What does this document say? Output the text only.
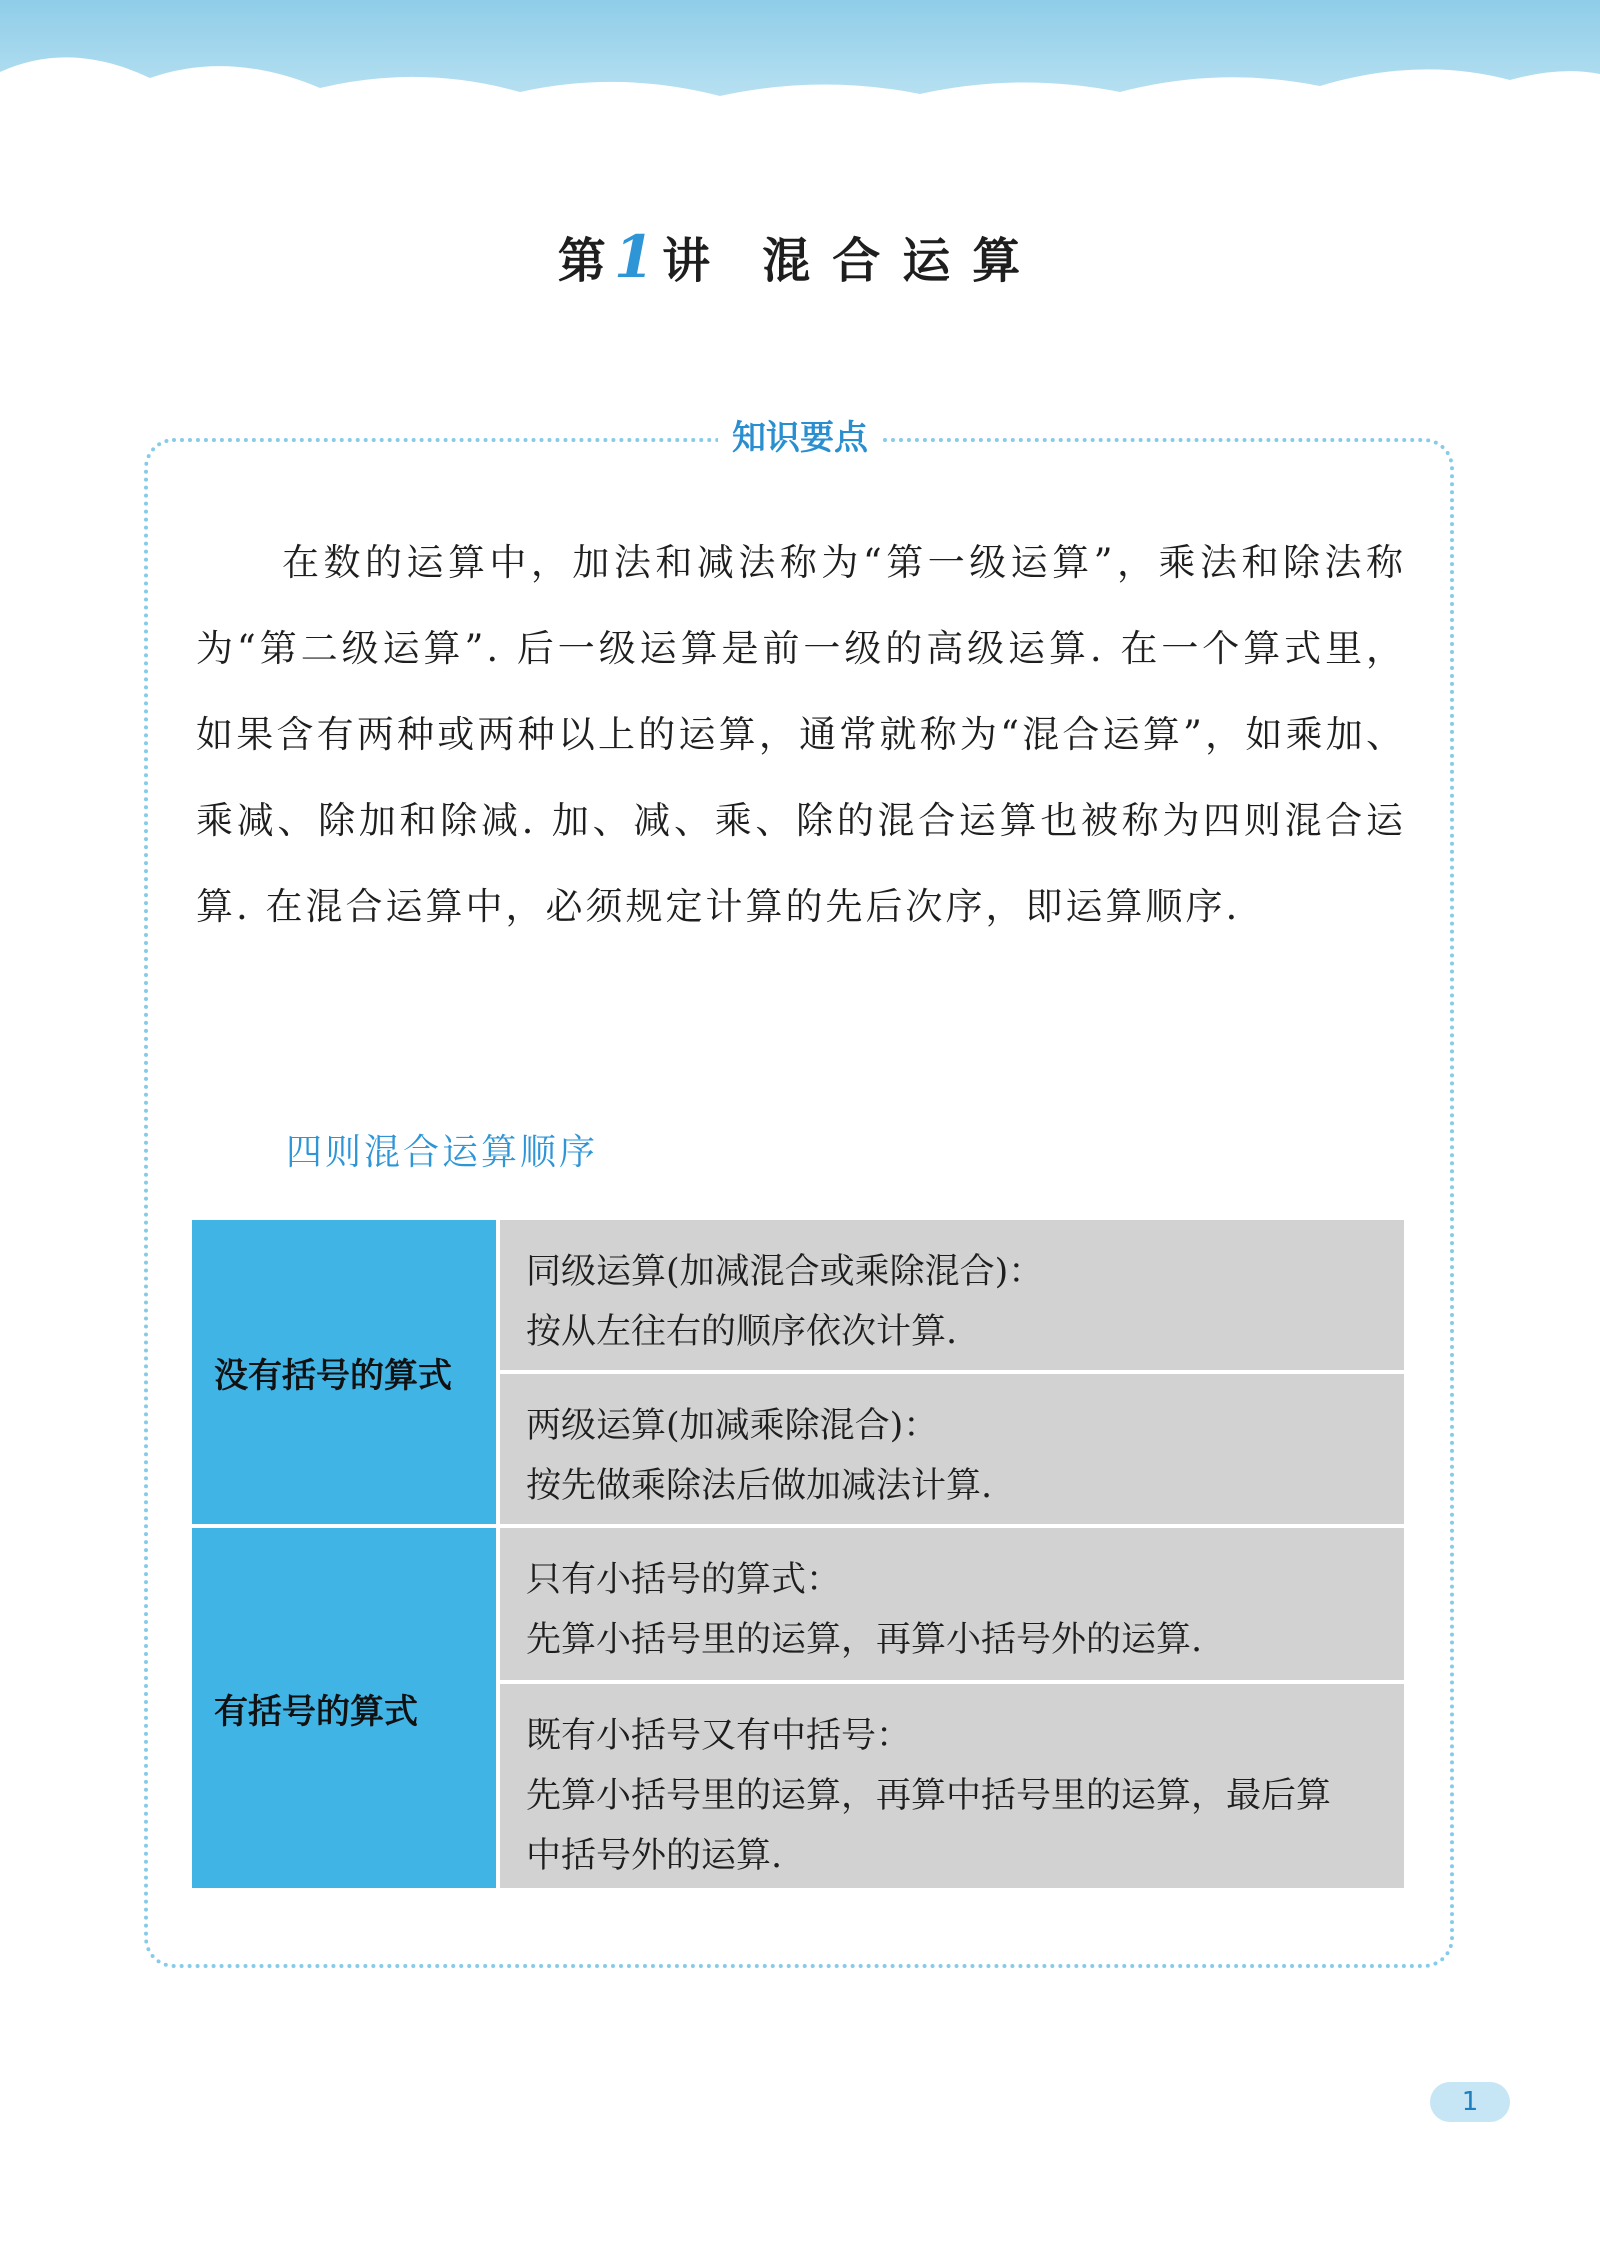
第 1 讲 混合运算
知识要点
在数的运算中，加法和减法称为“第一级运算”，乘法和除法称为“第二级运算”. 后一级运算是前一级的高级运算. 在一个算式里，如果含有两种或两种以上的运算，通常就称为“混合运算”，如乘加、乘减、除加和除减. 加、减、乘、除的混合运算也被称为四则混合运算. 在混合运算中，必须规定计算的先后次序，即运算顺序.
四则混合运算顺序
没有括号的算式
同级运算(加减混合或乘除混合)：
按从左往右的顺序依次计算.
两级运算(加减乘除混合)：
按先做乘除法后做加减法计算.
有括号的算式
只有小括号的算式：
先算小括号里的运算，再算小括号外的运算.
既有小括号又有中括号：
先算小括号里的运算，再算中括号里的运算，最后算
中括号外的运算.
1
